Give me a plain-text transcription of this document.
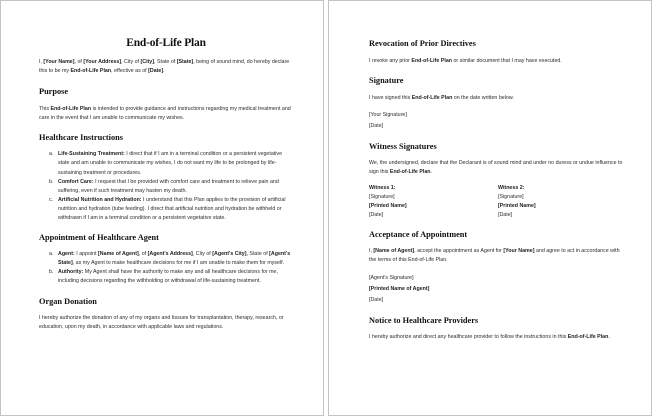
End-of-Life Plan

I, [Your Name], of [Your Address], City of [City], State of [State], being of sound mind, do hereby declare this to be my End-of-Life Plan, effective as of [Date].

Purpose

This End-of-Life Plan is intended to provide guidance and instructions regarding my medical treatment and care in the event that I am unable to communicate my wishes.

Healthcare Instructions
a. Life-Sustaining Treatment: I direct that if I am in a terminal condition or a persistent vegetative state and am unable to communicate my wishes, I do not want my life to be prolonged by life-sustaining treatment or procedures.
b. Comfort Care: I request that I be provided with comfort care and treatment to relieve pain and suffering, even if such treatment may hasten my death.
c. Artificial Nutrition and Hydration: I understand that this Plan applies to the provision of artificial nutrition and hydration (tube feeding). I direct that artificial nutrition and hydration be withheld or withdrawn if I am in a terminal condition or a persistent vegetative state.
Appointment of Healthcare Agent
a. Agent: I appoint [Name of Agent], of [Agent's Address], City of [Agent's City], State of [Agent's State], as my Agent to make healthcare decisions for me if I am unable to make them for myself.
b. Authority: My Agent shall have the authority to make any and all healthcare decisions for me, including decisions regarding the withholding or withdrawal of life-sustaining treatment.
Organ Donation

I hereby authorize the donation of any of my organs and tissues for transplantation, therapy, research, or education, upon my death, in accordance with applicable laws and regulations.

Revocation of Prior Directives

I revoke any prior End-of-Life Plan or similar document that I may have executed.

Signature

I have signed this End-of-Life Plan on the date written below.

[Your Signature]
[Date]
Witness Signatures

We, the undersigned, declare that the Declarant is of sound mind and under no duress or undue influence to sign this End-of-Life Plan.

Witness 1:
[Signature]
[Printed Name]
[Date]
Witness 2:
[Signature]
[Printed Name]
[Date]
Acceptance of Appointment

I, [Name of Agent], accept the appointment as Agent for [Your Name] and agree to act in accordance with the terms of this End-of-Life Plan.

[Agent's Signature]
[Printed Name of Agent]
[Date]
Notice to Healthcare Providers

I hereby authorize and direct any healthcare provider to follow the instructions in this End-of-Life Plan.
